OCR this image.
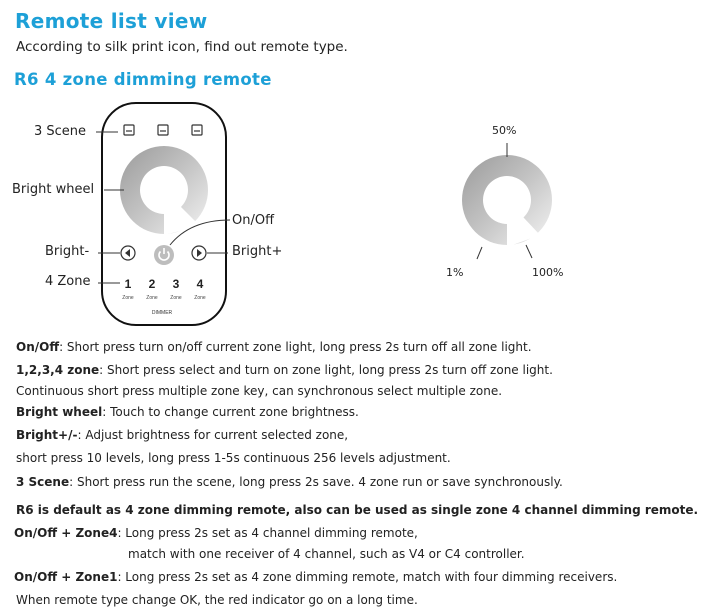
Remote list view
According to silk print icon, find out remote type.
R6 4 zone dimming remote
1 2 3 4
Zone	Zone	Zone	Zone
DIMMER
3 Scene
Bright wheel
On/Off
Bright-	Bright+
4 Zone
50%
1%	100%
On/Off: Short press turn on/off current zone light, long press 2s turn off all zone light.
1,2,3,4 zone: Short press select and turn on zone light, long press 2s turn off zone light.
Continuous short press multiple zone key, can synchronous select multiple zone.
Bright wheel: Touch to change current zone brightness.
Bright+/-: Adjust brightness for current selected zone,
short press 10 levels, long press 1-5s continuous 256 levels adjustment.
3 Scene: Short press run the scene, long press 2s save. 4 zone run or save synchronously.
R6 is default as 4 zone dimming remote, also can be used as single zone 4 channel dimming remote.
On/Off + Zone4: Long press 2s set as 4 channel dimming remote,
match with one receiver of 4 channel, such as V4 or C4 controller.
On/Off + Zone1: Long press 2s set as 4 zone dimming remote, match with four dimming receivers.
When remote type change OK, the red indicator go on a long time.
